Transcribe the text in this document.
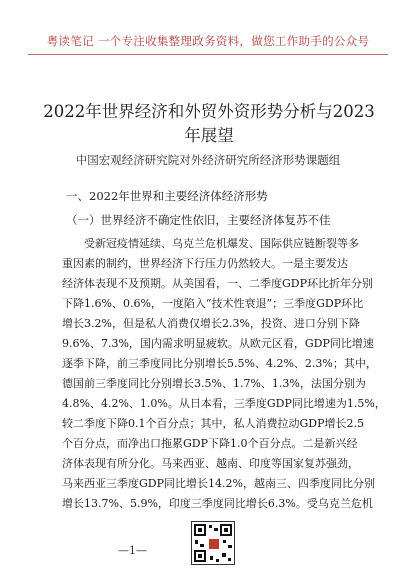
粤读笔记 一个专注收集整理政务资料，做您工作助手的公众号
2022年世界经济和外贸外资形势分析与2023
年展望
中国宏观经济研究院对外经济研究所经济形势课题组
一、2022年世界和主要经济体经济形势
（一）世界经济不确定性依旧，主要经济体复苏不佳
受新冠疫情延续、乌克兰危机爆发、国际供应链断裂等多
重因素的制约，世界经济下行压力仍然较大。一是主要发达
经济体表现不及预期。从美国看，一、二季度GDP环比折年分别
下降1.6%、0.6%，一度陷入“技术性衰退”；三季度GDP环比
增长3.2%，但是私人消费仅增长2.3%，投资、进口分别下降
9.6%、7.3%，国内需求明显疲软。从欧元区看，GDP同比增速
逐季下降，前三季度同比分别增长5.5%、4.2%、2.3%；其中，
德国前三季度同比分别增长3.5%、1.7%、1.3%，法国分别为
4.8%、4.2%、1.0%。从日本看，三季度GDP同比增速为1.5%，
较二季度下降0.1个百分点；其中，私人消费拉动GDP增长2.5
个百分点，而净出口拖累GDP下降1.0个百分点。二是新兴经
济体表现有所分化。马来西亚、越南、印度等国家复苏强劲，
马来西亚三季度GDP同比增长14.2%，越南三、四季度同比分别
增长13.7%、5.9%，印度三季度同比增长6.3%。受乌克兰危机
—1—
